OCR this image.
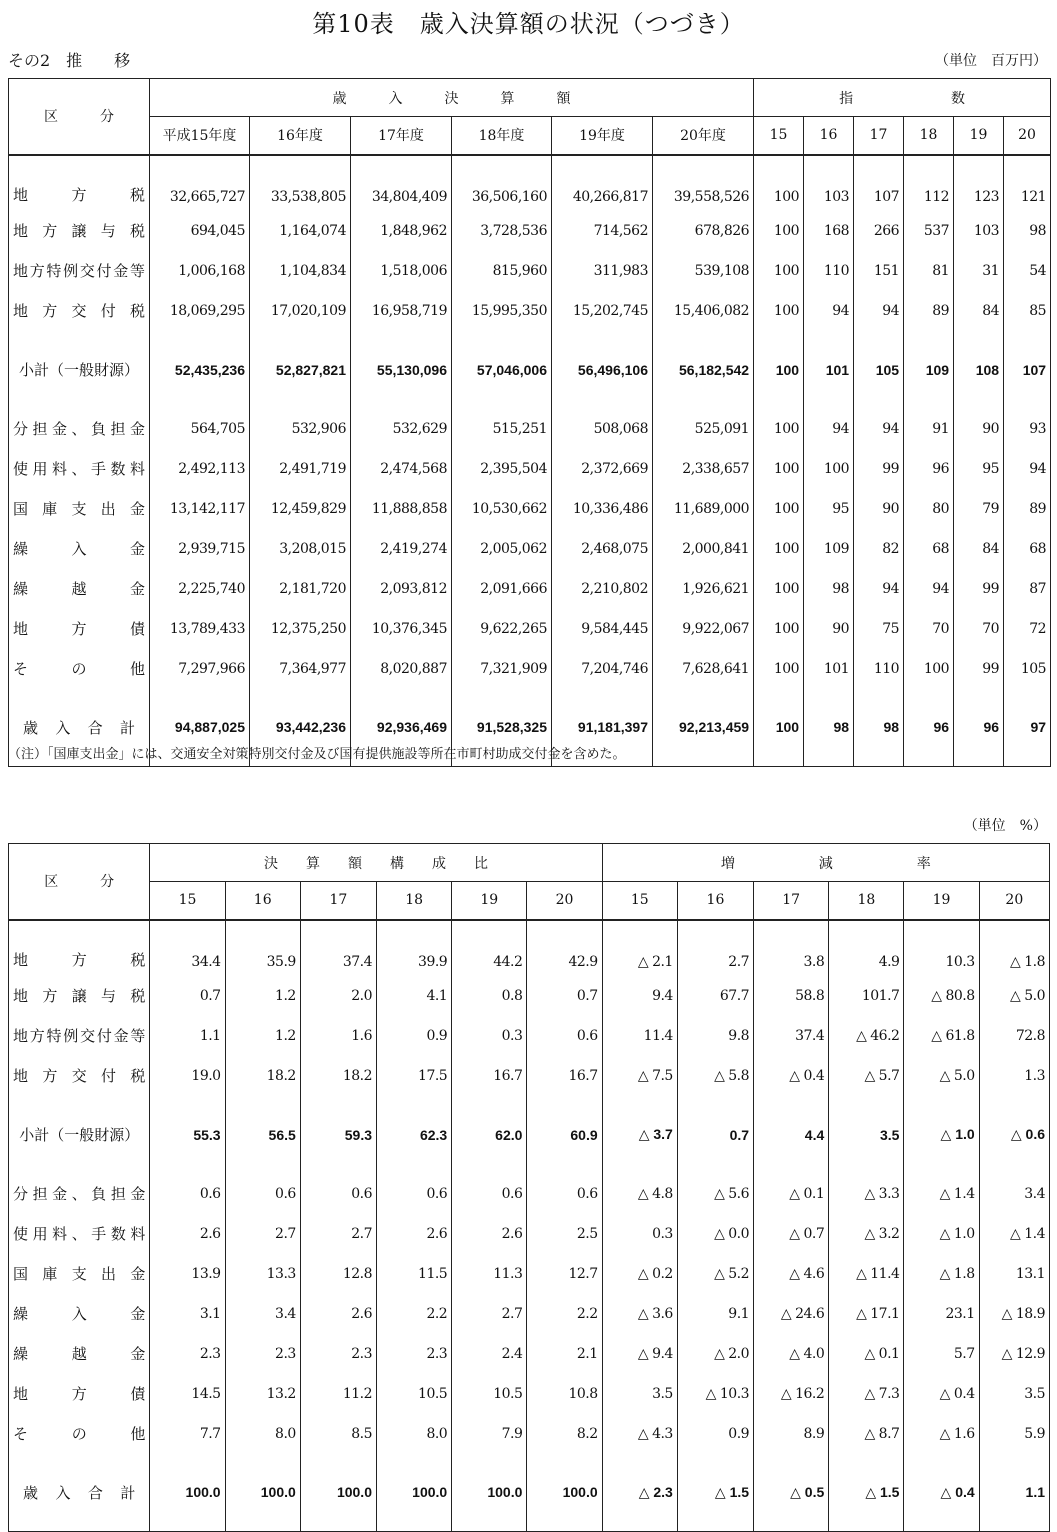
第10表　歳入決算額の状況（つづき）
その2　推　　移	（単位　百万円）
区　　　分	歳　　　入　　　決　　　算　　　額						指　　　　　　　数					
	平成15年度	16年度	17年度	18年度	19年度	20年度	15	16	17	18	19	20

地 方 税	32,665,727	33,538,805	34,804,409	36,506,160	40,266,817	39,558,526	100	103	107	112	123	121

地 方 譲 与 税	694,045	1,164,074	1,848,962	3,728,536	714,562	678,826	100	168	266	537	103	98
地方特例交付金等	1,006,168	1,104,834	1,518,006	815,960	311,983	539,108	100	110	151	81	31	54

地 方 交 付 税	18,069,295	17,020,109	16,958,719	15,995,350	15,202,745	15,406,082	100	94	94	89	84	85
小計（一般財源）	52,435,236	52,827,821	55,130,096	57,046,006	56,496,106	56,182,542	100	101	105	109	108	107
分担金、負担金	564,705	532,906	532,629	515,251	508,068	525,091	100	94	94	91	90	93
使用料、手数料	2,492,113	2,491,719	2,474,568	2,395,504	2,372,669	2,338,657	100	100	99	96	95	94

国 庫 支 出 金	13,142,117	12,459,829	11,888,858	10,530,662	10,336,486	11,689,000	100	95	90	80	79	89

繰 入 金	2,939,715	3,208,015	2,419,274	2,005,062	2,468,075	2,000,841	100	109	82	68	84	68

繰 越 金	2,225,740	2,181,720	2,093,812	2,091,666	2,210,802	1,926,621	100	98	94	94	99	87

地 方 債	13,789,433	12,375,250	10,376,345	9,622,265	9,584,445	9,922,067	100	90	75	70	70	72

そ の 他	7,297,966	7,364,977	8,020,887	7,321,909	7,204,746	7,628,641	100	101	110	100	99	105

歳 入 合 計	94,887,025	93,442,236	92,936,469	91,528,325	91,181,397	92,213,459	100	98	98	96	96	97
（注）「国庫支出金」には、交通安全対策特別交付金及び国有提供施設等所在市町村助成交付金を含めた。
（単位　%）
区　　　分	決　　算　　額　　構　　成　　比						増　　　　　　減　　　　　　率					
	15	16	17	18	19	20	15	16	17	18	19	20

地 方 税	34.4	35.9	37.4	39.9	44.2	42.9	△ 2.1	2.7	3.8	4.9	10.3	△ 1.8

地 方 譲 与 税	0.7	1.2	2.0	4.1	0.8	0.7	9.4	67.7	58.8	101.7	△ 80.8	△ 5.0
地方特例交付金等	1.1	1.2	1.6	0.9	0.3	0.6	11.4	9.8	37.4	△ 46.2	△ 61.8	72.8

地 方 交 付 税	19.0	18.2	18.2	17.5	16.7	16.7	△ 7.5	△ 5.8	△ 0.4	△ 5.7	△ 5.0	1.3
小計（一般財源）	55.3	56.5	59.3	62.3	62.0	60.9	△ 3.7	0.7	4.4	3.5	△ 1.0	△ 0.6
分担金、負担金	0.6	0.6	0.6	0.6	0.6	0.6	△ 4.8	△ 5.6	△ 0.1	△ 3.3	△ 1.4	3.4
使用料、手数料	2.6	2.7	2.7	2.6	2.6	2.5	0.3	△ 0.0	△ 0.7	△ 3.2	△ 1.0	△ 1.4

国 庫 支 出 金	13.9	13.3	12.8	11.5	11.3	12.7	△ 0.2	△ 5.2	△ 4.6	△ 11.4	△ 1.8	13.1

繰 入 金	3.1	3.4	2.6	2.2	2.7	2.2	△ 3.6	9.1	△ 24.6	△ 17.1	23.1	△ 18.9

繰 越 金	2.3	2.3	2.3	2.3	2.4	2.1	△ 9.4	△ 2.0	△ 4.0	△ 0.1	5.7	△ 12.9

地 方 債	14.5	13.2	11.2	10.5	10.5	10.8	3.5	△ 10.3	△ 16.2	△ 7.3	△ 0.4	3.5

そ の 他	7.7	8.0	8.5	8.0	7.9	8.2	△ 4.3	0.9	8.9	△ 8.7	△ 1.6	5.9

歳 入 合 計	100.0	100.0	100.0	100.0	100.0	100.0	△ 2.3	△ 1.5	△ 0.5	△ 1.5	△ 0.4	1.1
